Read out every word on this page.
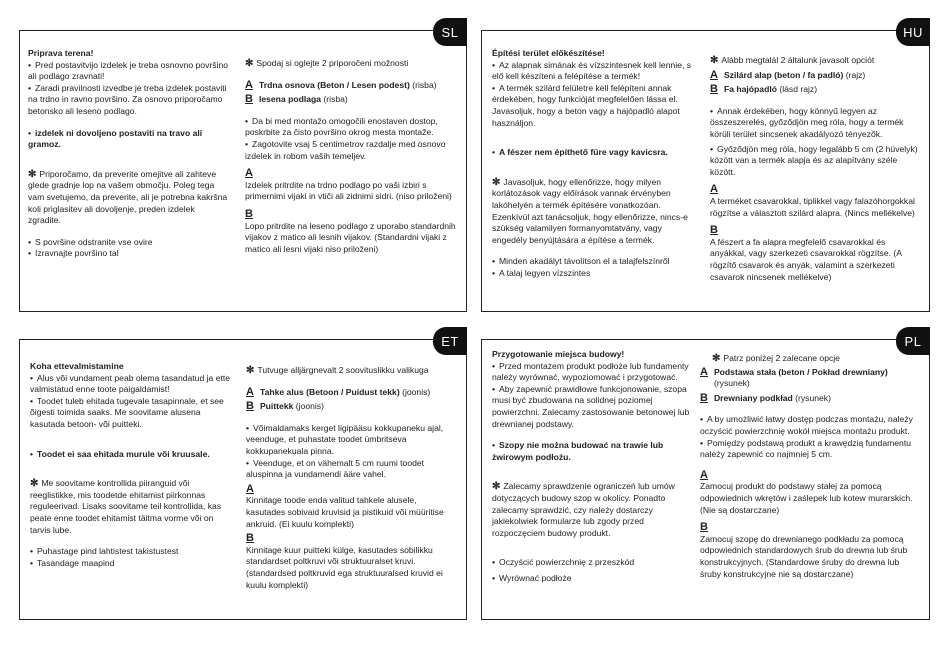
SL

Priprava terena!

• Pred postavitvijo izdelek je treba osnovno površino ali podlago zravnati!

• Zaradi pravilnosti izvedbe je treba izdelek postaviti na trdno in ravno površino. Za osnovo priporočamo betonsko ali leseno podlago.

• izdelek ni dovoljeno postaviti na travo ali gramoz.

✻ Priporočamo, da preverite omejitve ali zahteve glede gradnje lop na vašem območju. Poleg tega vam svetujemo, da preverite, ali je potrebna kakršna koli priglasitev ali dovoljenje, preden izdelek zgradite.

• S površine odstranite vse ovire

• Izravnajte površino tal

✻ Spodaj si oglejte 2 priporočeni možnosti

A Trdna osnova (Beton / Lesen podest) (risba)

B lesena podlaga (risba)

• Da bi med montažo omogočili enostaven dostop, poskrbite za čisto površino okrog mesta montaže.

• Zagotovite vsaj 5 centimetrov razdalje med osnovo izdelek in robom vaših temeljev.

A

Izdelek pritrdite na trdno podlago po vaši izbiri s primernimi vijaki in vtiči ali zidnimi sidri. (niso priloženi)

B

Lopo pritrdite na leseno podlago z uporabo standardnih vijakov z maticо ali lesnih vijakov. (Standardni vijaki z matico ali lesni vijaki niso priloženi)

HU

Építési terület előkészítése!

• Az alapnak simának és vízszintesnek kell lennie, s elő kell készíteni a felépítése a termék!

• A termék szilárd felületre kell felépíteni annak érdekében, hogy funkcióját megfelelően lássa el. Javasoljuk, hogy a beton vagy a hajópadló alapot használjon.

• A fészer nem építhető füre vagy kavicsra.

✻ Javasoljuk, hogy ellenőrizze, hogy milyen korlátozások vagy előírások vannak érvényben lakóhelyén a termék építésére vonatkozóan. Ezenkívül azt tanácsoljuk, hogy ellenőrizze, nincs-e szükség valamilyen formanyomtatvány, vagy engedély benyújtására a építése a termék.

• Minden akadályt távolítson el a talajfelszínről

• A talaj legyen vízszintes

✻ Alább megtalál 2 általunk javasolt opciót

A Szilárd alap (beton / fa padló) (rajz)

B Fa hajópadló (lásd rajz)

• Annak érdekében, hogy könnyű legyen az összeszerelés, győződjön meg róla, hogy a termék körüli terület sincsenek akadályozó tényezők.

• Győződjön meg róla, hogy legalább 5 cm (2 hüvelyk) között van a termék alapja és az alapítvány széle között.

A

A terméket csavarokkal, tiplikkel vagy falazóhorgokkal rögzítse a választott szilárd alapra. (Nincs mellékelve)

B

A fészert a fa alapra megfelelő csavarokkal és anyákkal, vagy szerkezeti csavarokkal rögzítse. (A rögzítő csavarok és anyák, valamint a szerkezeti csavarok nincsenek mellékelve)

ET

Koha ettevalmistamine

• Alus või vundament peab olema tasandatud ja ette valmistatud enne toote paigaldamist!

• Toodet tuleb ehitada tugevale tasapinnale, et see õigesti toimida saaks. Me soovitame alusena kasutada betoon- või puitteki.

• Toodet ei saa ehitada murule või kruusale.

✻ Me soovitame kontrollida piiranguid või reeglistikke, mis toodetde ehitamist piirkonnas reguleerivad. Lisaks soovitame teil kontrollida, kas peate enne toodet ehitamist täitma vorme või on tarvis lube.

• Puhastage pind lahtistest takistustest

• Tasandage maapind

✻ Tutvuge alljärgnevalt 2 soovituslikku valikuga

A Tahke alus (Betoon / Puidust tekk) (joonis)

B Puittekk (joonis)

• Võimaldamaks kerget ligipääsu kokkupaneku ajal, veenduge, et puhastate toodet ümbritseva kokkupanekuala pinna.

• Veenduge, et on vähemalt 5 cm ruumi toodet aluspinna ja vundamendi ääre vahel.

A

Kinnitage toode enda valitud tahkele alusele, kasutades sobivaid kruvisid ja pistikuid või müüritise ankruid. (Ei kuulu komplekti)

B

Kinnitage kuur puitteki külge, kasutades sobilikku standardset poltkruvi või struktuuralset kruvi. (standardsed poltkruvid ega struktuuralsed kruvid ei kuulu komplekti)

PL

Przygotowanie miejsca budowy!

• Przed montażem produkt podłoże lub fundamenty należy wyrównać, wypoziomować i przygotować.

• Aby zapewnić prawidłowe funkcjonowanie, szopa musi być zbudowana na solidnej poziomej powierzchni. Zalecamy zastosowanie betonowej lub drewnianej podstawy.

• Szopy nie można budować na trawie lub żwirowym podłożu.

✻ Zalecamy sprawdzenie ograniczeń lub umów dotyczących budowy szop w okolicy. Ponadto zalecamy sprawdzić, czy należy dostarczy jakiekolwiek formularze lub zgody przed rozpoczęciem budowy produkt.

• Oczyścić powierzchnię z przeszkód

• Wyrównać podłoże

✻ Patrz poniżej 2 zalecane opcje

A Podstawa stała (beton / Pokład drewniany)
(rysunek)

B Drewniany podkład (rysunek)

• A by umożliwić łatwy dostęp podczas montażu, należy oczyścić powierzchnię wokół miejsca montażu produkt.

• Pomiędzy podstawą produkt a krawędzią fundamentu należy zapewnić co najmniej 5 cm.

A

Zamocuj produkt do podstawy stałej za pomocą odpowiednich wkrętów i zaślepek lub kotew murarskich. (Nie są dostarczane)

B

Zamocuj szopę do drewnianego podkładu za pomocą odpowiednich standardowych śrub do drewna lub śrub konstrukcyjnych. (Standardowe śruby do drewna lub śruby konstrukcyjne nie są dostarczane)
